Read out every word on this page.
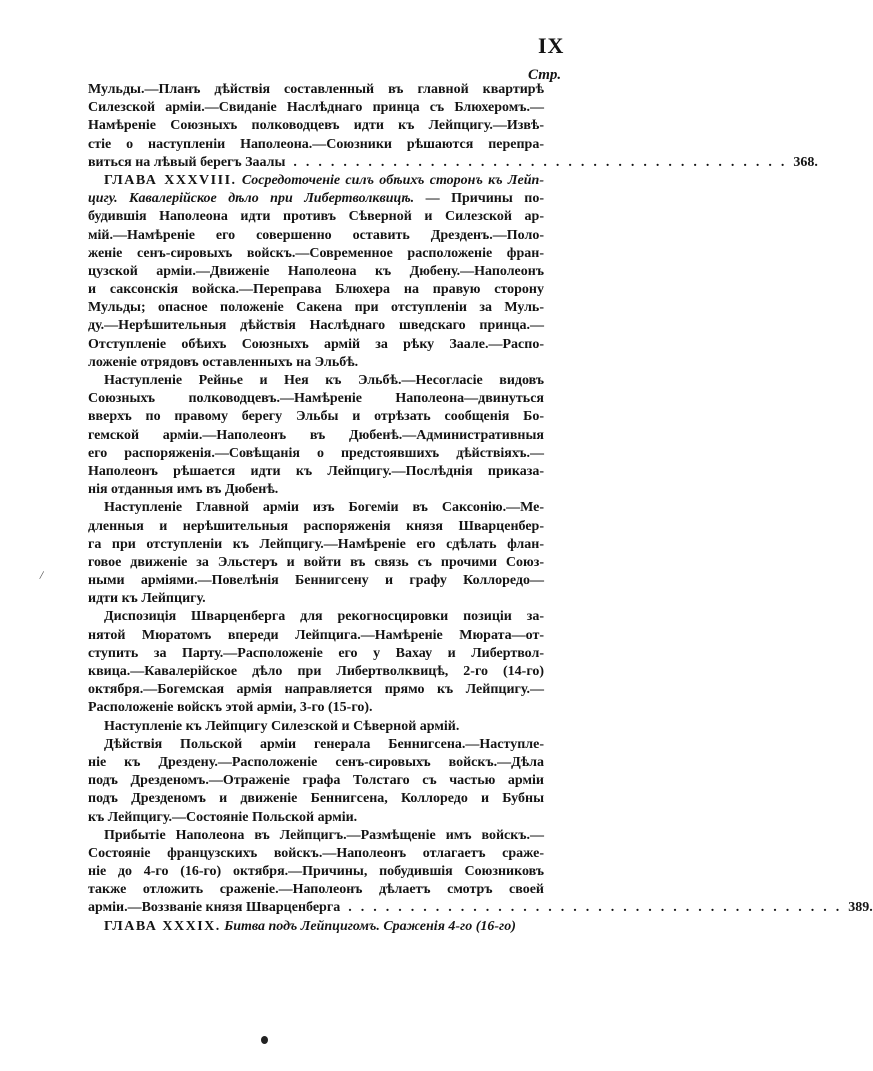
IX
Стр.
Мульды.—Планъ дѣйствія составленный въ главной квартирѣ
Силезской арміи.—Свиданіе Наслѣднаго принца съ Блюхеромъ.—
Намѣреніе Союзныхъ полководцевъ идти къ Лейпцигу.—Извѣ-
стіе о наступленіи Наполеона.—Союзники рѣшаются перепра-
виться на лѣвый берегъ Заалы ........................................ 368.
ГЛАВА XXXVIII. Сосредоточеніе силъ обѣихъ сторонъ къ Лейп-
цигу. Кавалерійское дѣло при Либертволквицѣ. — Причины по-
будившія Наполеона идти противъ Сѣверной и Силезской ар-
мій.—Намѣреніе его совершенно оставить Дрезденъ.—Поло-
женіе сенъ-сировыхъ войскъ.—Современное расположеніе фран-
цузской арміи.—Движеніе Наполеона къ Дюбену.—Наполеонъ
и саксонскія войска.—Переправа Блюхера на правую сторону
Мульды; опасное положеніе Сакена при отступленіи за Муль-
ду.—Нерѣшительныя дѣйствія Наслѣднаго шведскаго принца.—
Отступленіе обѣихъ Союзныхъ армій за рѣку Заале.—Распо-
ложеніе отрядовъ оставленныхъ на Эльбѣ.
Наступленіе Рейнье и Нея къ Эльбѣ.—Несогласіе видовъ
Союзныхъ полководцевъ.—Намѣреніе Наполеона—двинуться
вверхъ по правому берегу Эльбы и отрѣзать сообщенія Бо-
гемской арміи.—Наполеонъ въ Дюбенѣ.—Административныя
его распоряженія.—Совѣщанія о предстоявшихъ дѣйствіяхъ.—
Наполеонъ рѣшается идти къ Лейпцигу.—Послѣднія приказа-
нія отданныя имъ въ Дюбенѣ.
Наступленіе Главной арміи изъ Богеміи въ Саксонію.—Ме-
дленныя и нерѣшительныя распоряженія князя Шварценбер-
га при отступленіи къ Лейпцигу.—Намѣреніе его сдѣлать флан-
говое движеніе за Эльстеръ и войти въ связь съ прочими Союз-
ными арміями.—Повелѣнія Беннигсену и графу Коллоредо—
идти къ Лейпцигу.
Диспозиція Шварценберга для рекогносцировки позиціи за-
нятой Мюратомъ впереди Лейпцига.—Намѣреніе Мюрата—от-
ступить за Парту.—Расположеніе его у Вахау и Либертвол-
квица.—Кавалерійское дѣло при Либертволквицѣ, 2-го (14-го)
октября.—Богемская армія направляется прямо къ Лейпцигу.—
Расположеніе войскъ этой арміи, 3-го (15-го).
Наступленіе къ Лейпцигу Силезской и Сѣверной армій.
Дѣйствія Польской арміи генерала Беннигсена.—Наступле-
ніе къ Дрездену.—Расположеніе сенъ-сировыхъ войскъ.—Дѣла
подъ Дрезденомъ.—Отраженіе графа Толстаго съ частью арміи
подъ Дрезденомъ и движеніе Беннигсена, Коллоредо и Бубны
къ Лейпцигу.—Состояніе Польской арміи.
Прибытіе Наполеона въ Лейпцигъ.—Размѣщеніе имъ войскъ.—
Состояніе французскихъ войскъ.—Наполеонъ отлагаетъ сраже-
ніе до 4-го (16-го) октября.—Причины, побудившія Союзниковъ
также отложить сраженіе.—Наполеонъ дѣлаетъ смотръ своей
арміи.—Воззваніе князя Шварценберга ........................................ 389.
ГЛАВА XXXIX. Битва подъ Лейпцигомъ. Сраженія 4-го (16-го)
/
